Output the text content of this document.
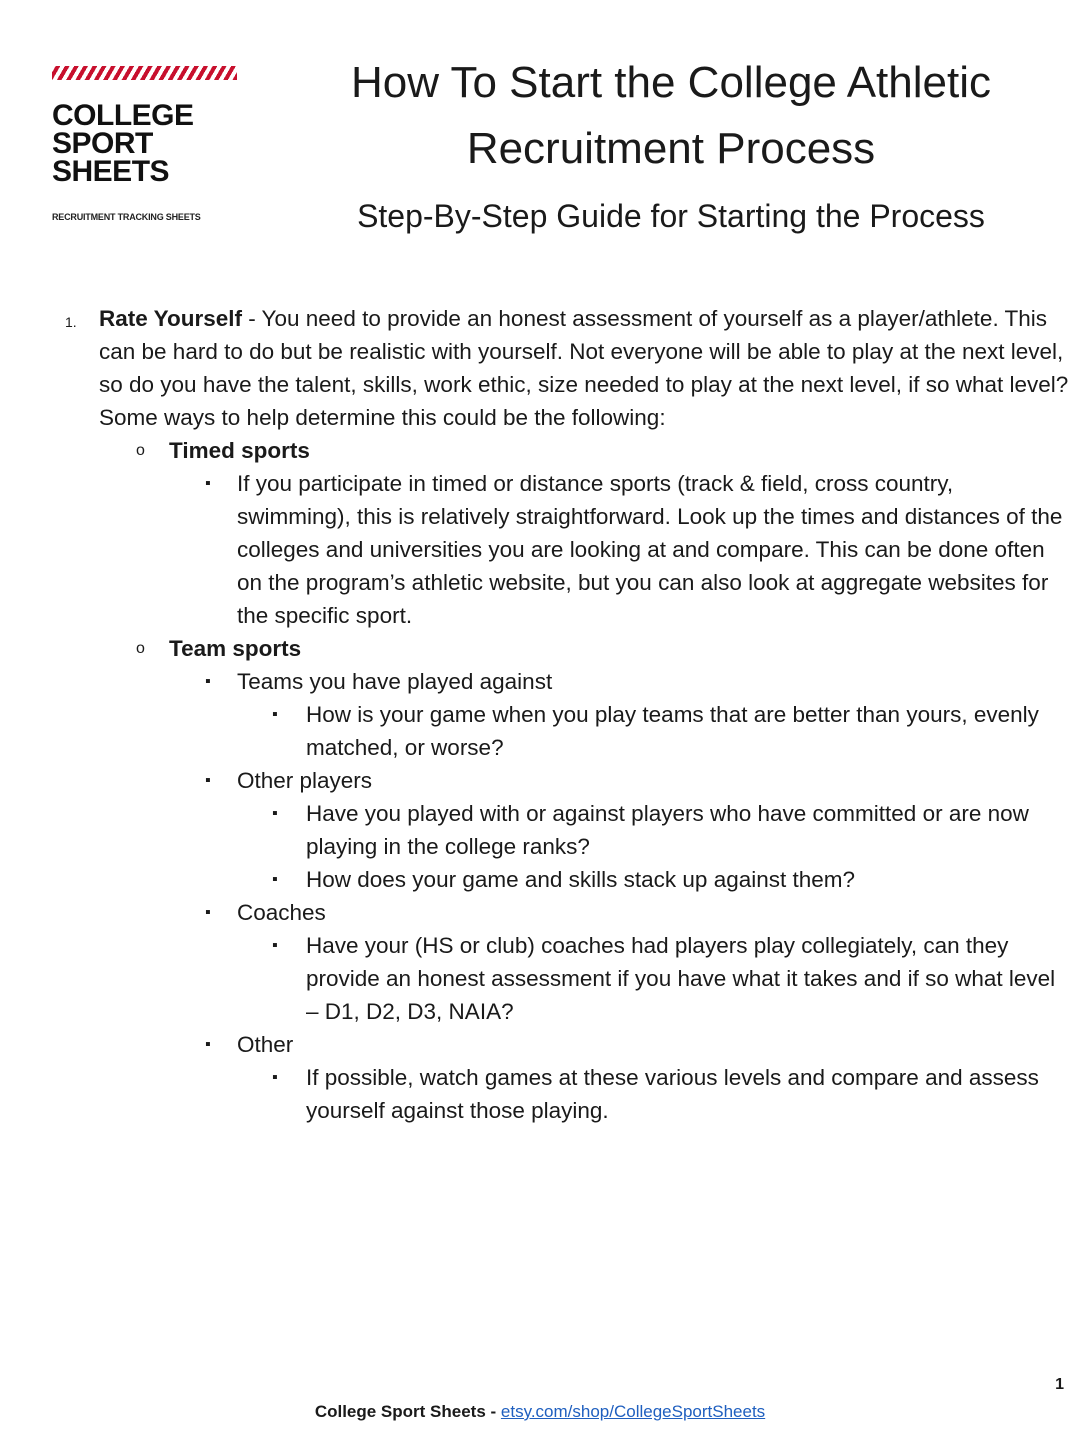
COLLEGE
SPORT
SHEETS
RECRUITMENT TRACKING SHEETS
How To Start the College Athletic
Recruitment Process
Step-By-Step Guide for Starting the Process
1. Rate Yourself - You need to provide an honest assessment of yourself as a player/athlete. This can be hard to do but be realistic with yourself. Not everyone will be able to play at the next level, so do you have the talent, skills, work ethic, size needed to play at the next level, if so what level? Some ways to help determine this could be the following:
o Timed sports
▪ If you participate in timed or distance sports (track & field, cross country, swimming), this is relatively straightforward. Look up the times and distances of the colleges and universities you are looking at and compare. This can be done often on the program’s athletic website, but you can also look at aggregate websites for the specific sport.
o Team sports
▪ Teams you have played against
▪ How is your game when you play teams that are better than yours, evenly matched, or worse?
▪ Other players
▪ Have you played with or against players who have committed or are now playing in the college ranks?
▪ How does your game and skills stack up against them?
▪ Coaches
▪ Have your (HS or club) coaches had players play collegiately, can they provide an honest assessment if you have what it takes and if so what level – D1, D2, D3, NAIA?
▪ Other
▪ If possible, watch games at these various levels and compare and assess yourself against those playing.
1
College Sport Sheets - etsy.com/shop/CollegeSportSheets
